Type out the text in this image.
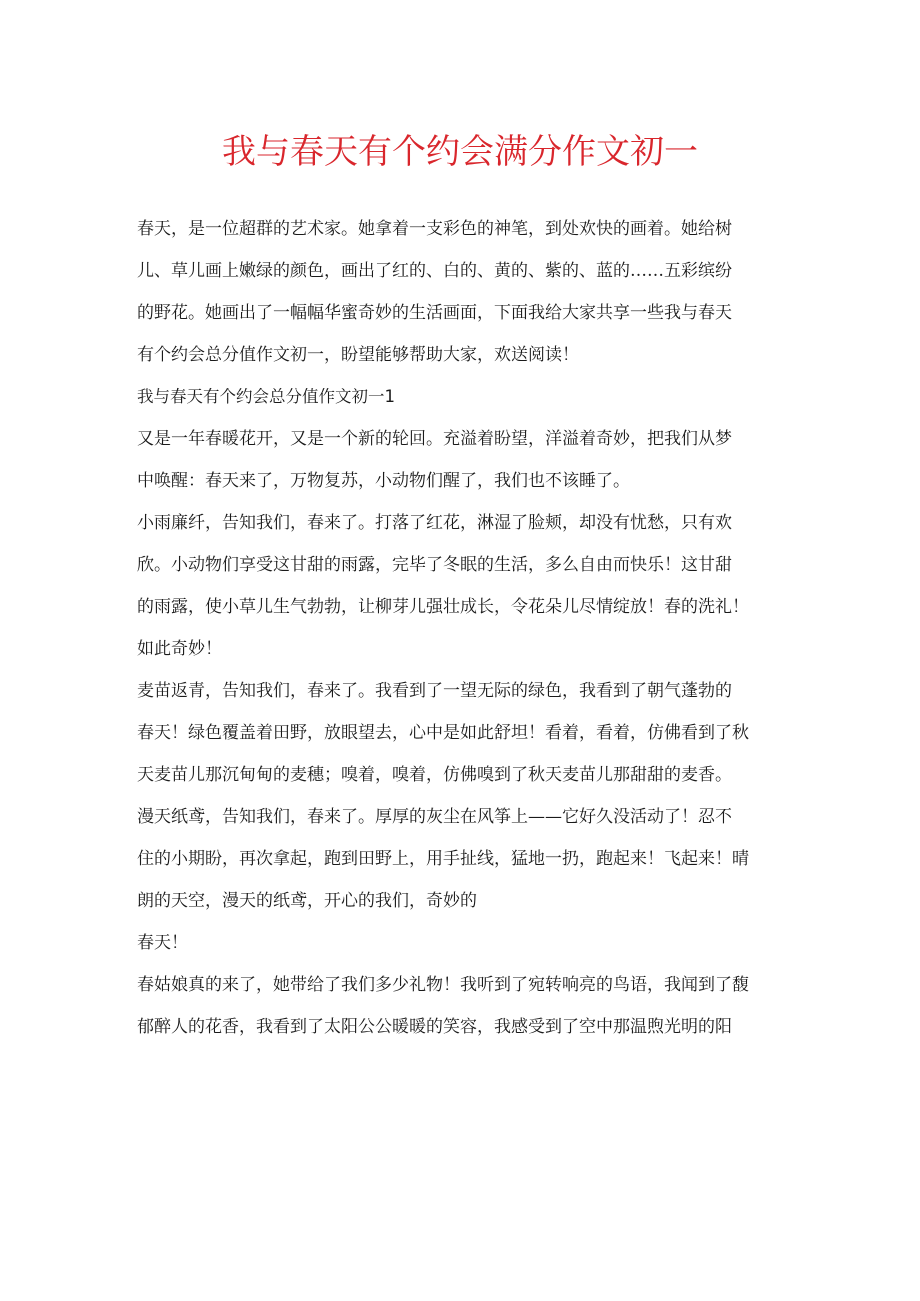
我与春天有个约会满分作文初一
春天，是一位超群的艺术家。她拿着一支彩色的神笔，到处欢快的画着。她给树
儿、草儿画上嫩绿的颜色，画出了红的、白的、黄的、紫的、蓝的……五彩缤纷
的野花。她画出了一幅幅华蜜奇妙的生活画面，下面我给大家共享一些我与春天
有个约会总分值作文初一，盼望能够帮助大家，欢送阅读！
我与春天有个约会总分值作文初一1
又是一年春暖花开，又是一个新的轮回。充溢着盼望，洋溢着奇妙，把我们从梦
中唤醒：春天来了，万物复苏，小动物们醒了，我们也不该睡了。
小雨廉纤，告知我们，春来了。打落了红花，淋湿了脸颊，却没有忧愁，只有欢
欣。小动物们享受这甘甜的雨露，完毕了冬眠的生活，多么自由而快乐！这甘甜
的雨露，使小草儿生气勃勃，让柳芽儿强壮成长，令花朵儿尽情绽放！春的洗礼！
如此奇妙！
麦苗返青，告知我们，春来了。我看到了一望无际的绿色，我看到了朝气蓬勃的
春天！绿色覆盖着田野，放眼望去，心中是如此舒坦！看着，看着，仿佛看到了秋
天麦苗儿那沉甸甸的麦穗；嗅着，嗅着，仿佛嗅到了秋天麦苗儿那甜甜的麦香。
漫天纸鸢，告知我们，春来了。厚厚的灰尘在风筝上——它好久没活动了！忍不
住的小期盼，再次拿起，跑到田野上，用手扯线，猛地一扔，跑起来！飞起来！晴
朗的天空，漫天的纸鸢，开心的我们，奇妙的
春天！
春姑娘真的来了，她带给了我们多少礼物！我听到了宛转响亮的鸟语，我闻到了馥
郁醉人的花香，我看到了太阳公公暖暖的笑容，我感受到了空中那温煦光明的阳
